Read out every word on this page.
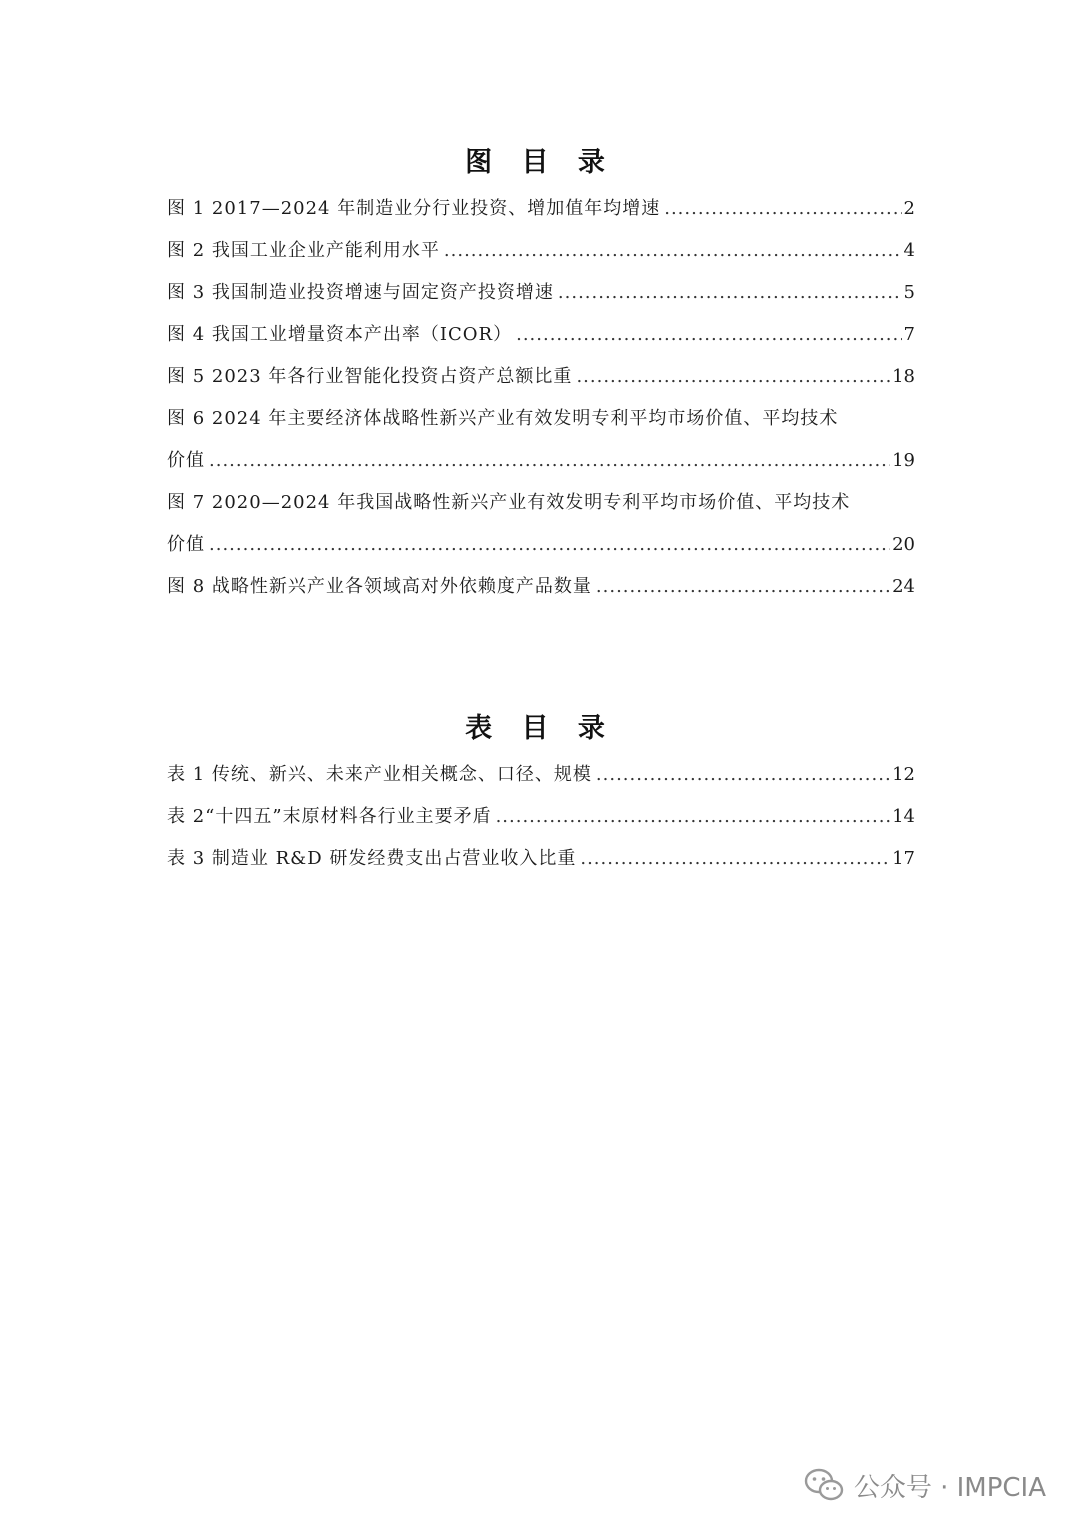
图 目 录
图 1 2017—2024 年制造业分行业投资、增加值年均增速 .....	2
图 2 我国工业企业产能利用水平 .....	4
图 3 我国制造业投资增速与固定资产投资增速 .....	5
图 4 我国工业增量资本产出率（ICOR） .....	7
图 5 2023 年各行业智能化投资占资产总额比重 .....	18
图 6 2024 年主要经济体战略性新兴产业有效发明专利平均市场价值、平均技术
价值 .....	19
图 7 2020—2024 年我国战略性新兴产业有效发明专利平均市场价值、平均技术
价值 .....	20
图 8 战略性新兴产业各领域高对外依赖度产品数量 .....	24
表 目 录
表 1 传统、新兴、未来产业相关概念、口径、规模 .....	12
表 2“十四五”末原材料各行业主要矛盾 .....	14
表 3 制造业 R&D 研发经费支出占营业收入比重 .....	17
公众号 · IMPCIA
